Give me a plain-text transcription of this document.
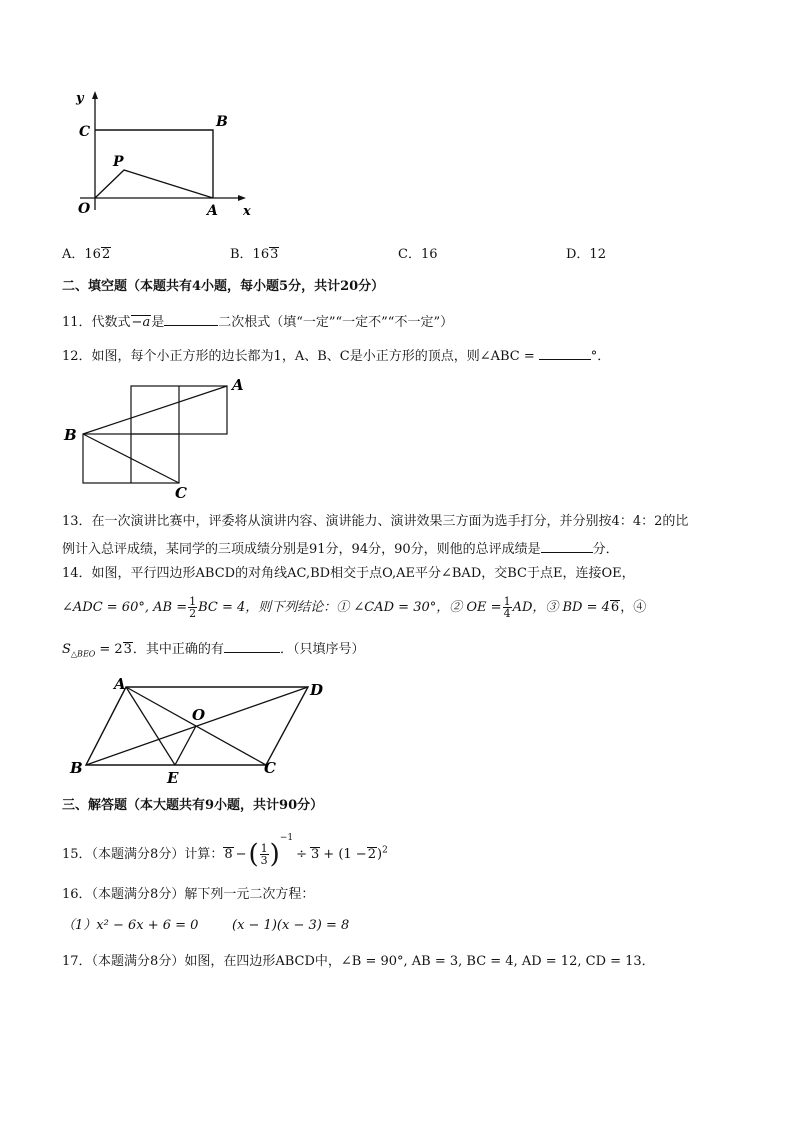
y
C
B
P
O	A x
A．162	B．163	C．16	D．12
二、填空题（本题共有4小题，每小题5分，共计20分）
11．代数式−a是	二次根式（填“一定”“一定不”“不一定”）
12．如图，每个小正方形的边长都为1，A、B、C是小正方形的顶点，则∠ABC =	°．
A
B
C
13．在一次演讲比赛中，评委将从演讲内容、演讲能力、演讲效果三方面为选手打分，并分别按4：4：2的比
例计入总评成绩，某同学的三项成绩分别是91分，94分，90分，则他的总评成绩是	分．
14．如图，平行四边形ABCD的对角线AC,BD相交于点O,AE平分∠BAD，交BC于点E，连接OE，
∠ADC = 60°, AB = $\frac{1}{2}$ BC = 4，则下列结论：① ∠CAD = 30°，② OE = $\frac{1}{4}$ AD，③ BD = 46，④
$S_{\triangle BEO} = 23$．其中正确的有	．（只填序号）
A	D
O
B
E
C
三、解答题（本大题共有9小题，共计90分）
15．（本题满分8分）计算：8 −( $\frac{1}{3} )^{-1}\div 3 + (1 -2)^2$
16．（本题满分8分）解下列一元二次方程：
（1）x² − 6x + 6 = 0	(x − 1)(x − 3) = 8
17．（本题满分8分）如图，在四边形ABCD中，∠B = 90°, AB = 3, BC = 4, AD = 12, CD = 13．
